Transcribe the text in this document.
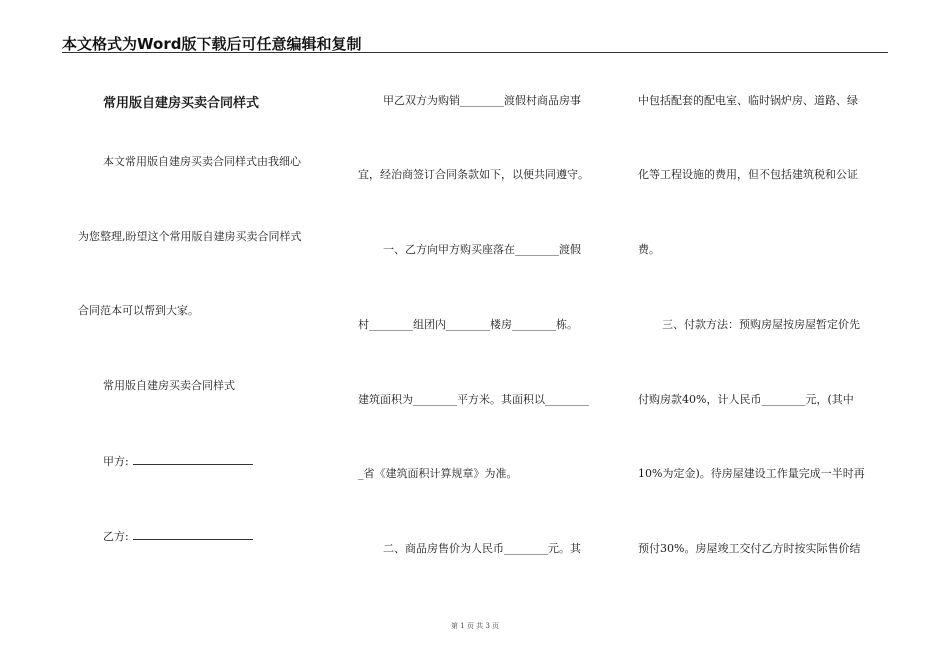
本文格式为Word版下载后可任意编辑和复制
常用版自建房买卖合同样式
本文常用版自建房买卖合同样式由我细心
为您整理,盼望这个常用版自建房买卖合同样式
合同范本可以帮到大家。
常用版自建房买卖合同样式
甲方:
乙方:
甲乙双方为购销________渡假村商品房事
宜，经治商签订合同条款如下，以便共同遵守。
一、乙方向甲方购买座落在________渡假
村________组团内________楼房________栋。
建筑面积为________平方米。其面积以________
_省《建筑面积计算规章》为准。
二、商品房售价为人民币________元。其
中包括配套的配电室、临时锅炉房、道路、绿
化等工程设施的费用，但不包括建筑税和公证
费。
三、付款方法：预购房屋按房屋暂定价先
付购房款40%，计人民币________元，(其中
10%为定金)。待房屋建设工作量完成一半时再
预付30%。房屋竣工交付乙方时按实际售价结
第 1 页 共 3 页
